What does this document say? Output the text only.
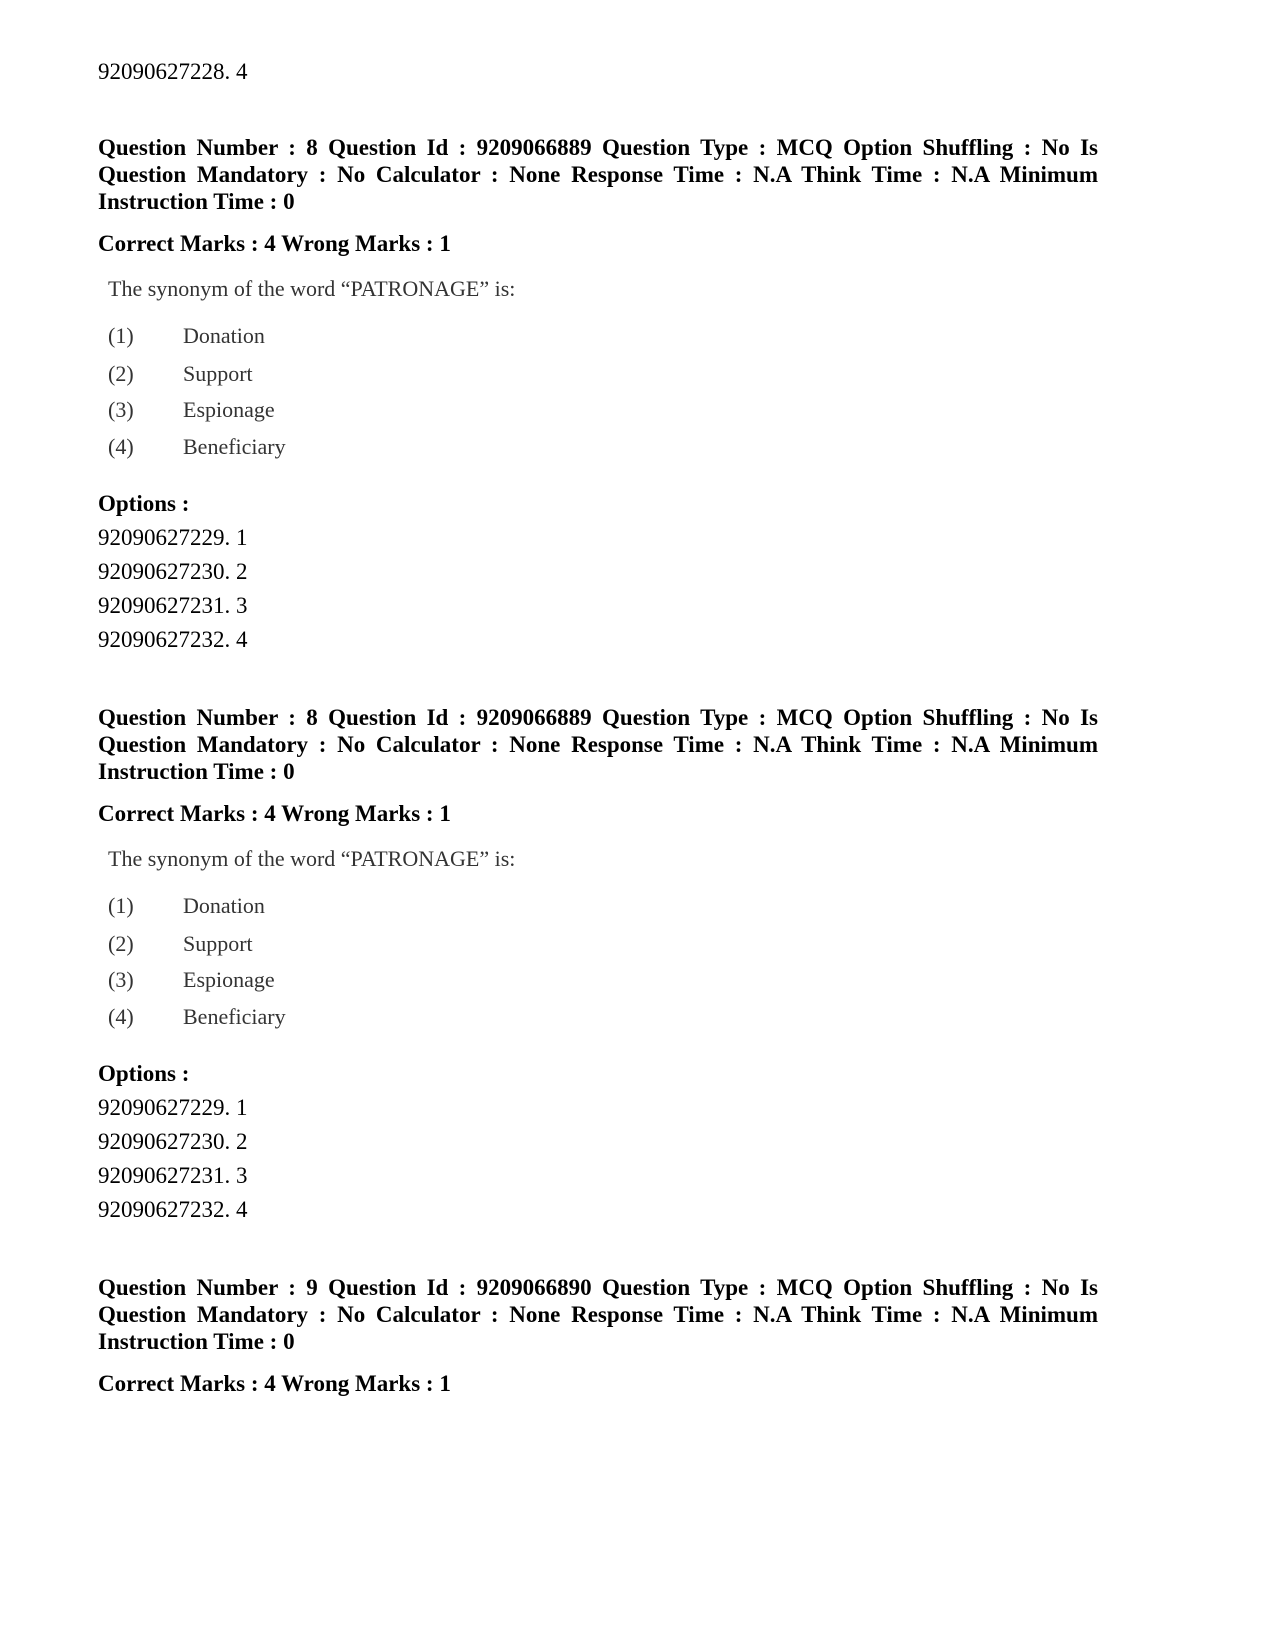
92090627228. 4
Question Number : 8 Question Id : 9209066889 Question Type : MCQ Option Shuffling : No Is Question Mandatory : No Calculator : None Response Time : N.A Think Time : N.A Minimum Instruction Time : 0
Correct Marks : 4 Wrong Marks : 1
The synonym of the word “PATRONAGE” is:
(1)	Donation
(2)	Support
(3)	Espionage
(4)	Beneficiary
Options :
92090627229. 1
92090627230. 2
92090627231. 3
92090627232. 4
Question Number : 8 Question Id : 9209066889 Question Type : MCQ Option Shuffling : No Is Question Mandatory : No Calculator : None Response Time : N.A Think Time : N.A Minimum Instruction Time : 0
Correct Marks : 4 Wrong Marks : 1
The synonym of the word “PATRONAGE” is:
(1)	Donation
(2)	Support
(3)	Espionage
(4)	Beneficiary
Options :
92090627229. 1
92090627230. 2
92090627231. 3
92090627232. 4
Question Number : 9 Question Id : 9209066890 Question Type : MCQ Option Shuffling : No Is Question Mandatory : No Calculator : None Response Time : N.A Think Time : N.A Minimum Instruction Time : 0
Correct Marks : 4 Wrong Marks : 1
